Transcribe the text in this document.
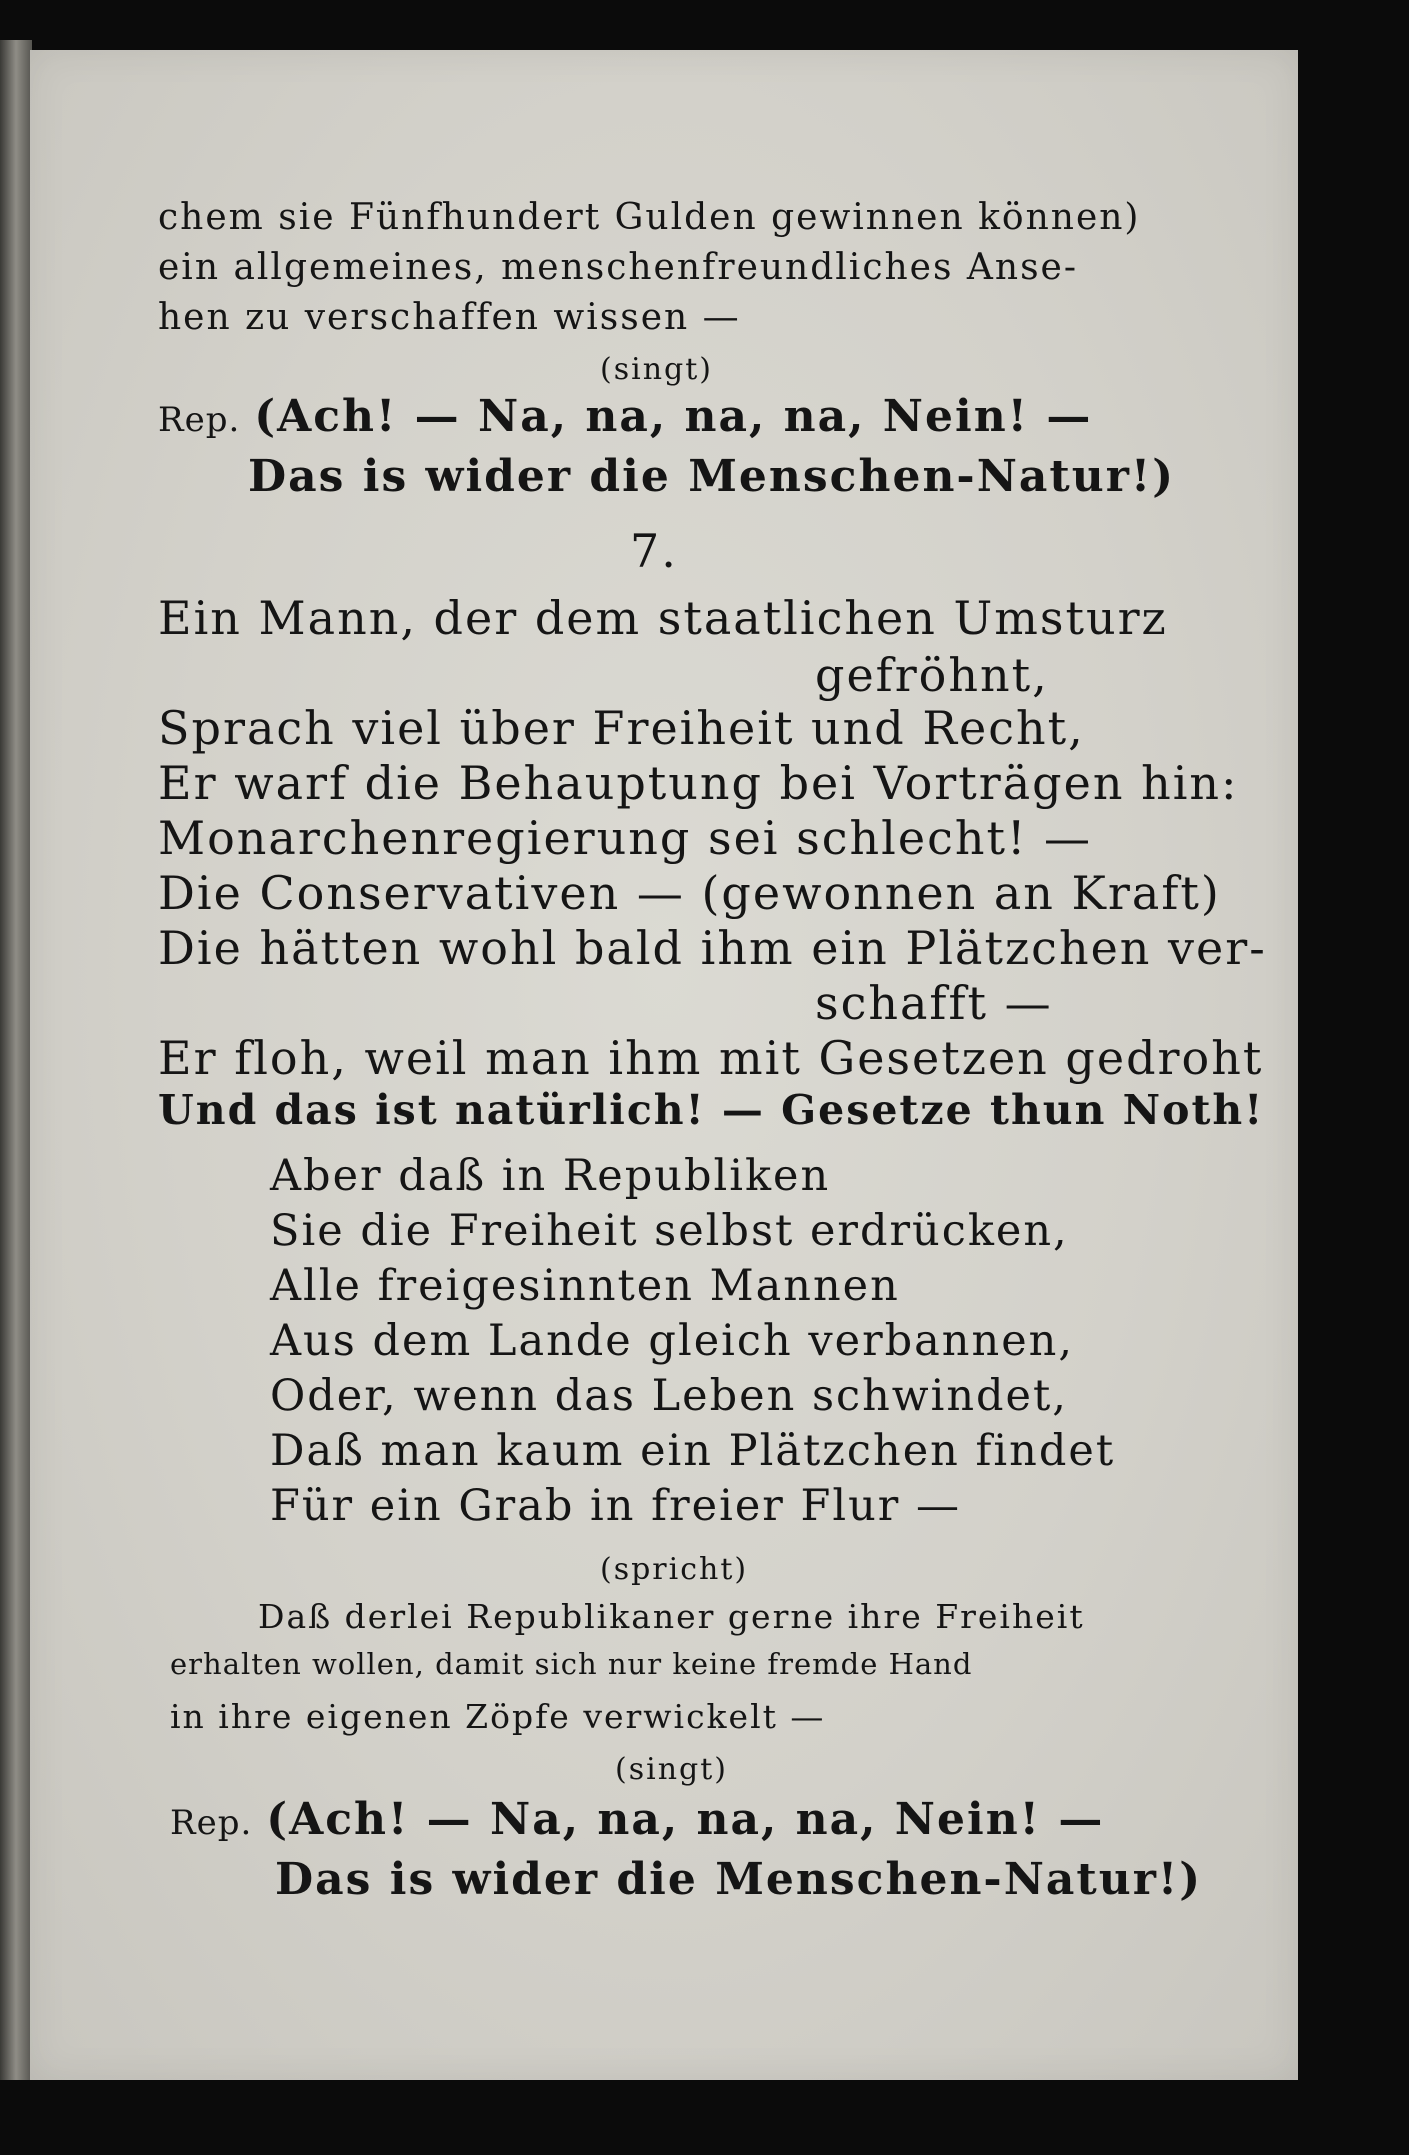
chem sie Fünfhundert Gulden gewinnen können)
ein allgemeines, menschenfreundliches Anse-
hen zu verschaffen wissen —
(singt)
Rep. (Ach! — Na, na, na, na, Nein! —
Das is wider die Menschen-Natur!)
7.
Ein Mann, der dem staatlichen Umsturz
gefröhnt,
Sprach viel über Freiheit und Recht,
Er warf die Behauptung bei Vorträgen hin:
Monarchenregierung sei schlecht! —
Die Conservativen — (gewonnen an Kraft)
Die hätten wohl bald ihm ein Plätzchen ver-
schafft —
Er floh, weil man ihm mit Gesetzen gedroht
Und das ist natürlich! — Gesetze thun Noth!
Aber daß in Republiken
Sie die Freiheit selbst erdrücken,
Alle freigesinnten Mannen
Aus dem Lande gleich verbannen,
Oder, wenn das Leben schwindet,
Daß man kaum ein Plätzchen findet
Für ein Grab in freier Flur —
(spricht)
Daß derlei Republikaner gerne ihre Freiheit
erhalten wollen, damit sich nur keine fremde Hand
in ihre eigenen Zöpfe verwickelt —
(singt)
Rep. (Ach! — Na, na, na, na, Nein! —
Das is wider die Menschen-Natur!)
